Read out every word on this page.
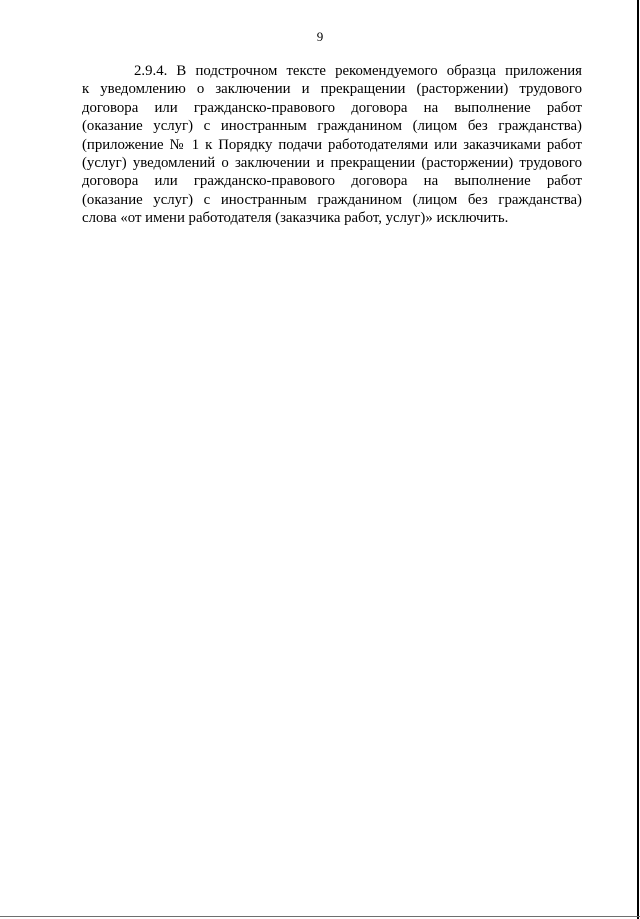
9
2.9.4. В подстрочном тексте рекомендуемого образца приложения
к уведомлению о заключении и прекращении (расторжении) трудового
договора или гражданско-правового договора на выполнение работ
(оказание услуг) с иностранным гражданином (лицом без гражданства)
(приложение № 1 к Порядку подачи работодателями или заказчиками работ
(услуг) уведомлений о заключении и прекращении (расторжении) трудового
договора или гражданско-правового договора на выполнение работ
(оказание услуг) с иностранным гражданином (лицом без гражданства)
слова «от имени работодателя (заказчика работ, услуг)» исключить.
